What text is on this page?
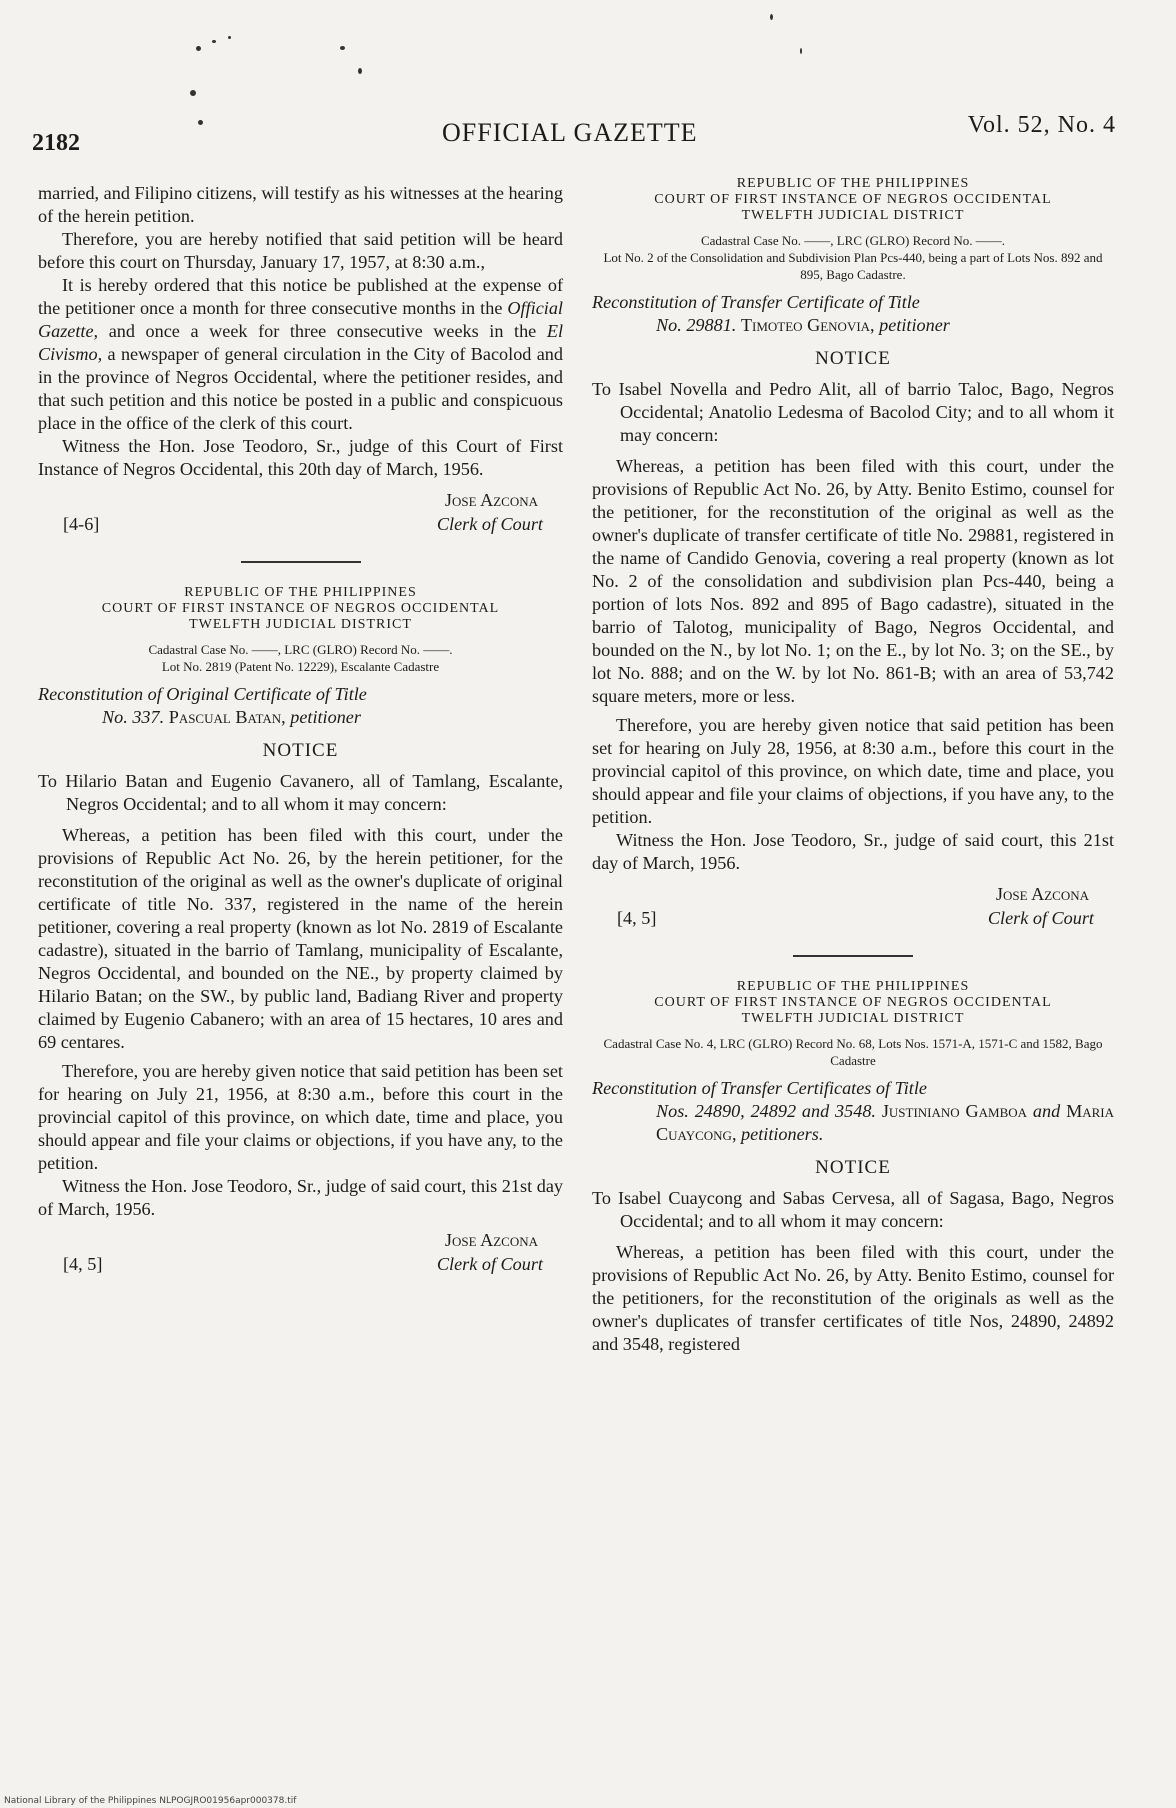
2182	OFFICIAL GAZETTE	Vol. 52, No. 4

married, and Filipino citizens, will testify as his witnesses at the hearing of the herein petition.

Therefore, you are hereby notified that said petition will be heard before this court on Thursday, January 17, 1957, at 8:30 a.m.,

It is hereby ordered that this notice be published at the expense of the petitioner once a month for three consecutive months in the Official Gazette, and once a week for three consecutive weeks in the El Civismo, a newspaper of general circulation in the City of Bacolod and in the province of Negros Occidental, where the petitioner resides, and that such petition and this notice be posted in a public and conspicuous place in the office of the clerk of this court.

Witness the Hon. Jose Teodoro, Sr., judge of this Court of First Instance of Negros Occidental, this 20th day of March, 1956.

Jose Azcona
Clerk of Court
[4-6]
REPUBLIC OF THE PHILIPPINES
COURT OF FIRST INSTANCE OF NEGROS OCCIDENTAL
TWELFTH JUDICIAL DISTRICT
Cadastral Case No. ——, LRC (GLRO) Record No. ——.
Lot No. 2819 (Patent No. 12229), Escalante Cadastre
Reconstitution of Original Certificate of Title
No. 337. Pascual Batan, petitioner
NOTICE

To Hilario Batan and Eugenio Cavanero, all of Tamlang, Escalante, Negros Occidental; and to all whom it may concern:

Whereas, a petition has been filed with this court, under the provisions of Republic Act No. 26, by the herein petitioner, for the reconstitution of the original as well as the owner's duplicate of original certificate of title No. 337, registered in the name of the herein petitioner, covering a real property (known as lot No. 2819 of Escalante cadastre), situated in the barrio of Tamlang, municipality of Escalante, Negros Occidental, and bounded on the NE., by property claimed by Hilario Batan; on the SW., by public land, Badiang River and property claimed by Eugenio Cabanero; with an area of 15 hectares, 10 ares and 69 centares.

Therefore, you are hereby given notice that said petition has been set for hearing on July 21, 1956, at 8:30 a.m., before this court in the provincial capitol of this province, on which date, time and place, you should appear and file your claims or objections, if you have any, to the petition.

Witness the Hon. Jose Teodoro, Sr., judge of said court, this 21st day of March, 1956.

Jose Azcona
Clerk of Court
[4, 5]
REPUBLIC OF THE PHILIPPINES
COURT OF FIRST INSTANCE OF NEGROS OCCIDENTAL
TWELFTH JUDICIAL DISTRICT
Cadastral Case No. ——, LRC (GLRO) Record No. ——.
Lot No. 2 of the Consolidation and Subdivision Plan Pcs-440, being a part of Lots Nos. 892 and 895, Bago Cadastre.
Reconstitution of Transfer Certificate of Title
No. 29881. Timoteo Genovia, petitioner
NOTICE

To Isabel Novella and Pedro Alit, all of barrio Taloc, Bago, Negros Occidental; Anatolio Ledesma of Bacolod City; and to all whom it may concern:

Whereas, a petition has been filed with this court, under the provisions of Republic Act No. 26, by Atty. Benito Estimo, counsel for the petitioner, for the reconstitution of the original as well as the owner's duplicate of transfer certificate of title No. 29881, registered in the name of Candido Genovia, covering a real property (known as lot No. 2 of the consolidation and subdivision plan Pcs-440, being a portion of lots Nos. 892 and 895 of Bago cadastre), situated in the barrio of Talotog, municipality of Bago, Negros Occidental, and bounded on the N., by lot No. 1; on the E., by lot No. 3; on the SE., by lot No. 888; and on the W. by lot No. 861-B; with an area of 53,742 square meters, more or less.

Therefore, you are hereby given notice that said petition has been set for hearing on July 28, 1956, at 8:30 a.m., before this court in the provincial capitol of this province, on which date, time and place, you should appear and file your claims of objections, if you have any, to the petition.

Witness the Hon. Jose Teodoro, Sr., judge of said court, this 21st day of March, 1956.

Jose Azcona
Clerk of Court
[4, 5]
REPUBLIC OF THE PHILIPPINES
COURT OF FIRST INSTANCE OF NEGROS OCCIDENTAL
TWELFTH JUDICIAL DISTRICT
Cadastral Case No. 4, LRC (GLRO) Record No. 68, Lots Nos. 1571-A, 1571-C and 1582, Bago Cadastre
Reconstitution of Transfer Certificates of Title
Nos. 24890, 24892 and 3548. Justiniano Gamboa and Maria Cuaycong, petitioners.
NOTICE

To Isabel Cuaycong and Sabas Cervesa, all of Sagasa, Bago, Negros Occidental; and to all whom it may concern:

Whereas, a petition has been filed with this court, under the provisions of Republic Act No. 26, by Atty. Benito Estimo, counsel for the petitioners, for the reconstitution of the originals as well as the owner's duplicates of transfer certificates of title Nos, 24890, 24892 and 3548, registered

National Library of the Philippines NLPOGJRO01956apr000378.tif
